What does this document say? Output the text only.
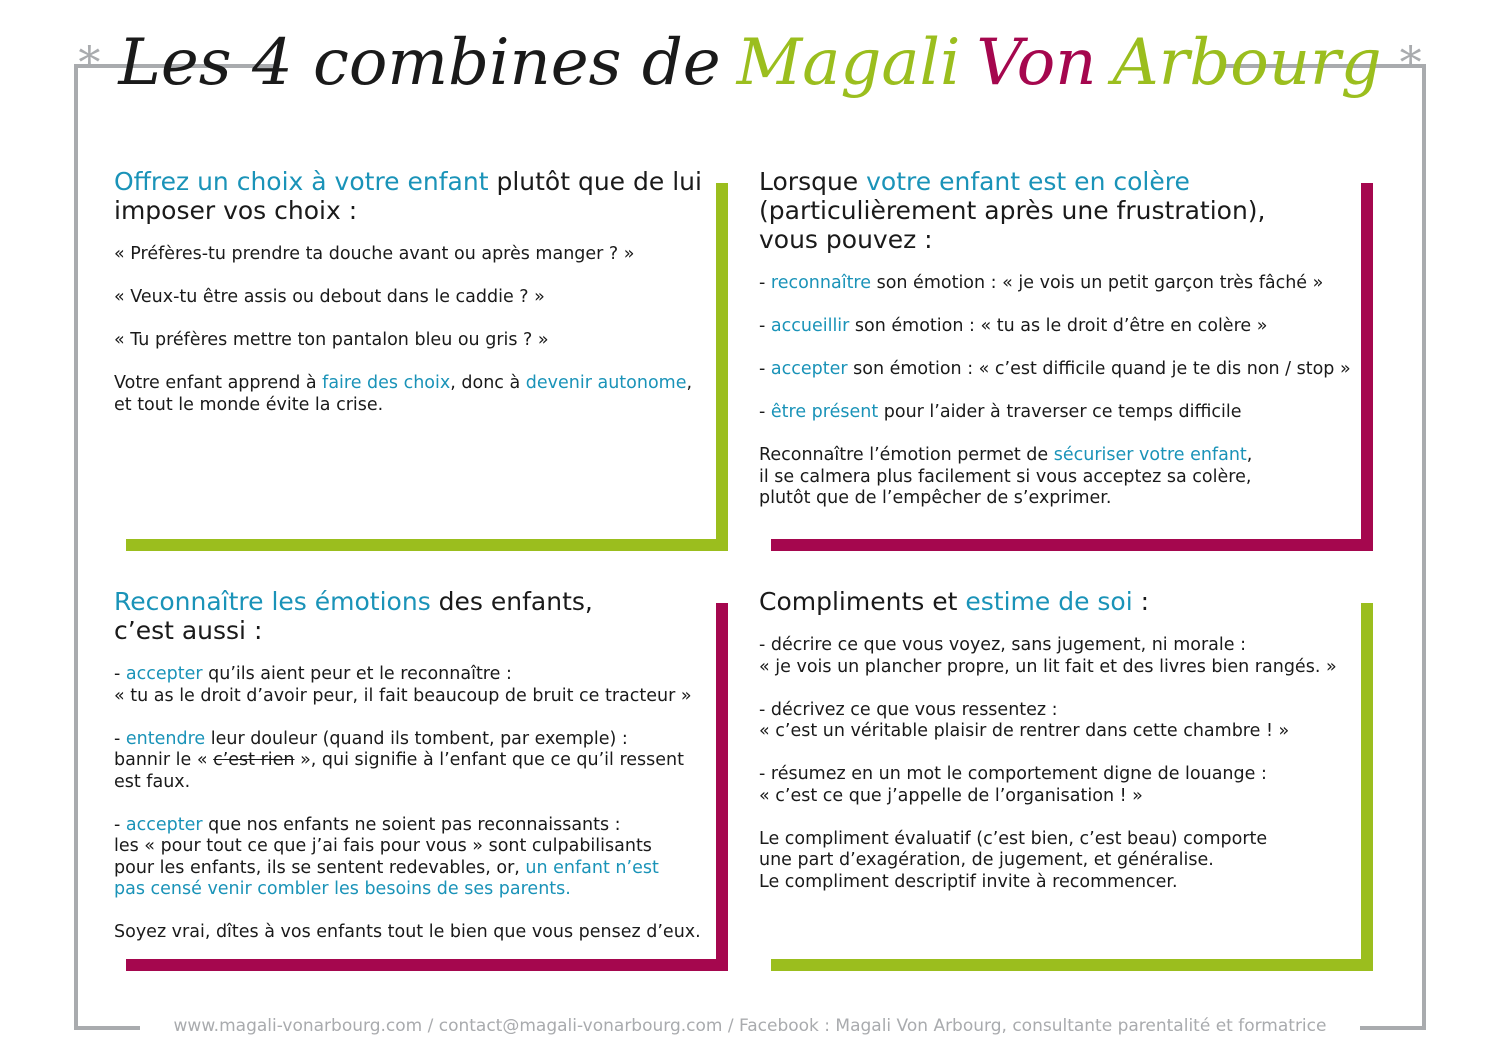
* Les 4 combines de Magali Von Arbourg *
Offrez un choix à votre enfant plutôt que de lui imposer vos choix :

« Préfères-tu prendre ta douche avant ou après manger ? »

« Veux-tu être assis ou debout dans le caddie ? »

« Tu préfères mettre ton pantalon bleu ou gris ? »

Votre enfant apprend à faire des choix, donc à devenir autonome,
et tout le monde évite la crise.

Lorsque votre enfant est en colère
(particulièrement après une frustration),
vous pouvez :

- reconnaître son émotion : « je vois un petit garçon très fâché »

- accueillir son émotion : « tu as le droit d’être en colère »

- accepter son émotion : « c’est difficile quand je te dis non / stop »

- être présent pour l’aider à traverser ce temps difficile

Reconnaître l’émotion permet de sécuriser votre enfant,
il se calmera plus facilement si vous acceptez sa colère,
plutôt que de l’empêcher de s’exprimer.

Reconnaître les émotions des enfants,
c’est aussi :

- accepter qu’ils aient peur et le reconnaître :
« tu as le droit d’avoir peur, il fait beaucoup de bruit ce tracteur »

- entendre leur douleur (quand ils tombent, par exemple) :
bannir le « c’est rien », qui signifie à l’enfant que ce qu’il ressent
est faux.

- accepter que nos enfants ne soient pas reconnaissants :
les « pour tout ce que j’ai fais pour vous » sont culpabilisants
pour les enfants, ils se sentent redevables, or, un enfant n’est
pas censé venir combler les besoins de ses parents.

Soyez vrai, dîtes à vos enfants tout le bien que vous pensez d’eux.

Compliments et estime de soi :

- décrire ce que vous voyez, sans jugement, ni morale :
« je vois un plancher propre, un lit fait et des livres bien rangés. »

- décrivez ce que vous ressentez :
« c’est un véritable plaisir de rentrer dans cette chambre ! »

- résumez en un mot le comportement digne de louange :
« c’est ce que j’appelle de l’organisation ! »

Le compliment évaluatif (c’est bien, c’est beau) comporte
une part d’exagération, de jugement, et généralise.
Le compliment descriptif invite à recommencer.

www.magali-vonarbourg.com / contact@magali-vonarbourg.com / Facebook : Magali Von Arbourg, consultante parentalité et formatrice
